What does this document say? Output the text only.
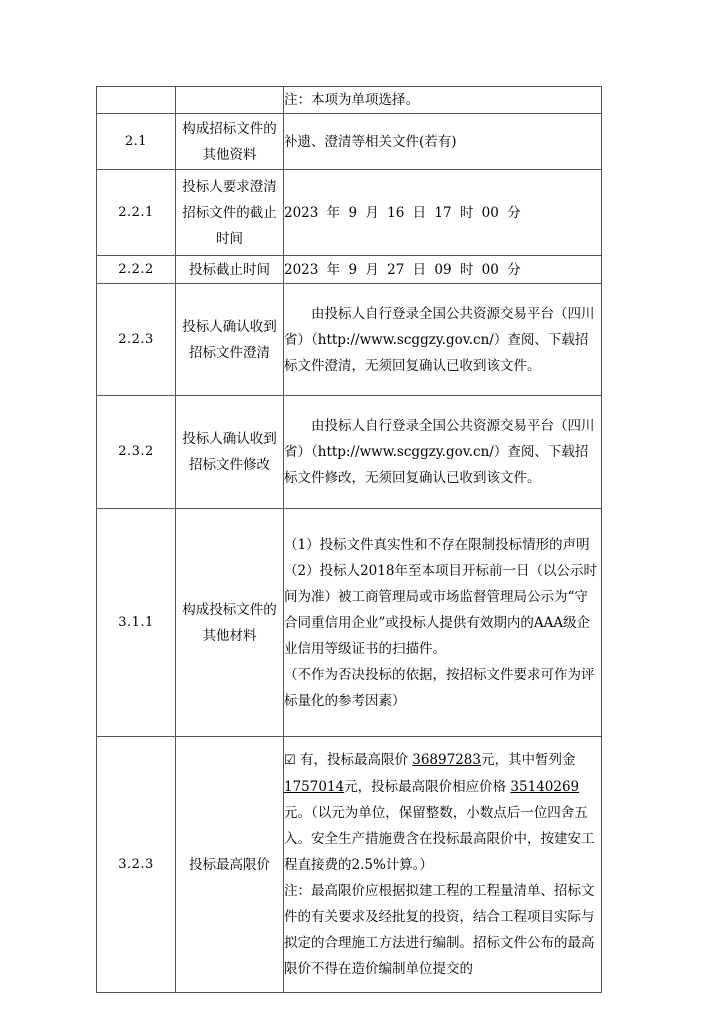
		注：本项为单项选择。
2.1	构成招标文件的其他资料	补遗、澄清等相关文件(若有)
2.2.1	投标人要求澄清招标文件的截止时间	2023 年 9 月 16 日 17 时 00 分
2.2.2	投标截止时间	2023 年 9 月 27 日 09 时 00 分
2.2.3	投标人确认收到招标文件澄清	由投标人自行登录全国公共资源交易平台（四川省）（http://www.scggzy.gov.cn/）查阅、下载招标文件澄清，无须回复确认已收到该文件。
2.3.2	投标人确认收到招标文件修改	由投标人自行登录全国公共资源交易平台（四川省）（http://www.scggzy.gov.cn/）查阅、下载招标文件修改，无须回复确认已收到该文件。
3.1.1	构成投标文件的其他材料	（1）投标文件真实性和不存在限制投标情形的声明
（2）投标人2018年至本项目开标前一日（以公示时间为准）被工商管理局或市场监督管理局公示为“守合同重信用企业”或投标人提供有效期内的AAA级企业信用等级证书的扫描件。
（不作为否决投标的依据，按招标文件要求可作为评标量化的参考因素）

3.2.3	投标最高限价	☑ 有，投标最高限价 36897283元，其中暂列金1757014元，投标最高限价相应价格 35140269元。（以元为单位，保留整数，小数点后一位四舍五入。安全生产措施费含在投标最高限价中，按建安工程直接费的2.5%计算。）
注：最高限价应根据拟建工程的工程量清单、招标文件的有关要求及经批复的投资，结合工程项目实际与拟定的合理施工方法进行编制。招标文件公布的最高限价不得在造价编制单位提交的
